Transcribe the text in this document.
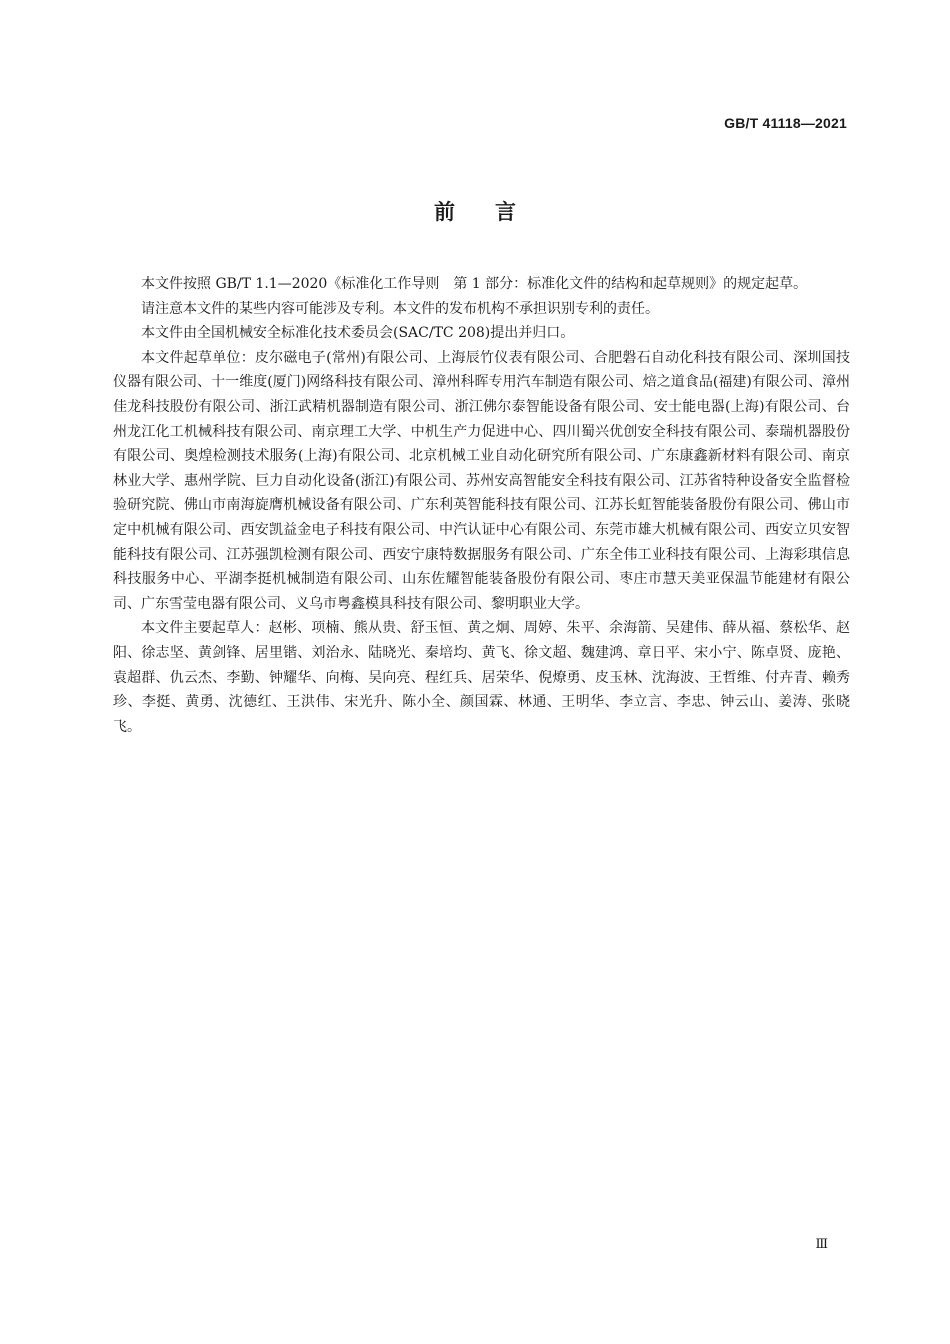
GB/T 41118—2021
前言

本文件按照 GB/T 1.1—2020《标准化工作导则　第 1 部分：标准化文件的结构和起草规则》的规定起草。

请注意本文件的某些内容可能涉及专利。本文件的发布机构不承担识别专利的责任。

本文件由全国机械安全标准化技术委员会(SAC/TC 208)提出并归口。

本文件起草单位：皮尔磁电子(常州)有限公司、上海辰竹仪表有限公司、合肥磐石自动化科技有限公司、深圳国技仪器有限公司、十一维度(厦门)网络科技有限公司、漳州科晖专用汽车制造有限公司、焙之道食品(福建)有限公司、漳州佳龙科技股份有限公司、浙江武精机器制造有限公司、浙江佛尔泰智能设备有限公司、安士能电器(上海)有限公司、台州龙江化工机械科技有限公司、南京理工大学、中机生产力促进中心、四川蜀兴优创安全科技有限公司、泰瑞机器股份有限公司、奥煌检测技术服务(上海)有限公司、北京机械工业自动化研究所有限公司、广东康鑫新材料有限公司、南京林业大学、惠州学院、巨力自动化设备(浙江)有限公司、苏州安高智能安全科技有限公司、江苏省特种设备安全监督检验研究院、佛山市南海旋膺机械设备有限公司、广东利英智能科技有限公司、江苏长虹智能装备股份有限公司、佛山市定中机械有限公司、西安凯益金电子科技有限公司、中汽认证中心有限公司、东莞市雄大机械有限公司、西安立贝安智能科技有限公司、江苏强凯检测有限公司、西安宁康特数据服务有限公司、广东全伟工业科技有限公司、上海彩琪信息科技服务中心、平湖李挺机械制造有限公司、山东佐耀智能装备股份有限公司、枣庄市慧天美亚保温节能建材有限公司、广东雪莹电器有限公司、义乌市粤鑫模具科技有限公司、黎明职业大学。

本文件主要起草人：赵彬、项楠、熊从贵、舒玉恒、黄之炯、周婷、朱平、余海箭、吴建伟、薛从福、蔡松华、赵阳、徐志坚、黄剑锋、居里锴、刘治永、陆晓光、秦培均、黄飞、徐文超、魏建鸿、章日平、宋小宁、陈卓贤、庞艳、袁超群、仇云杰、李勤、钟耀华、向梅、吴向亮、程红兵、居荣华、倪燎勇、皮玉林、沈海波、王哲维、付卉青、赖秀珍、李挺、黄勇、沈德红、王洪伟、宋光升、陈小全、颜国霖、林通、王明华、李立言、李忠、钟云山、姜涛、张晓飞。

Ⅲ
